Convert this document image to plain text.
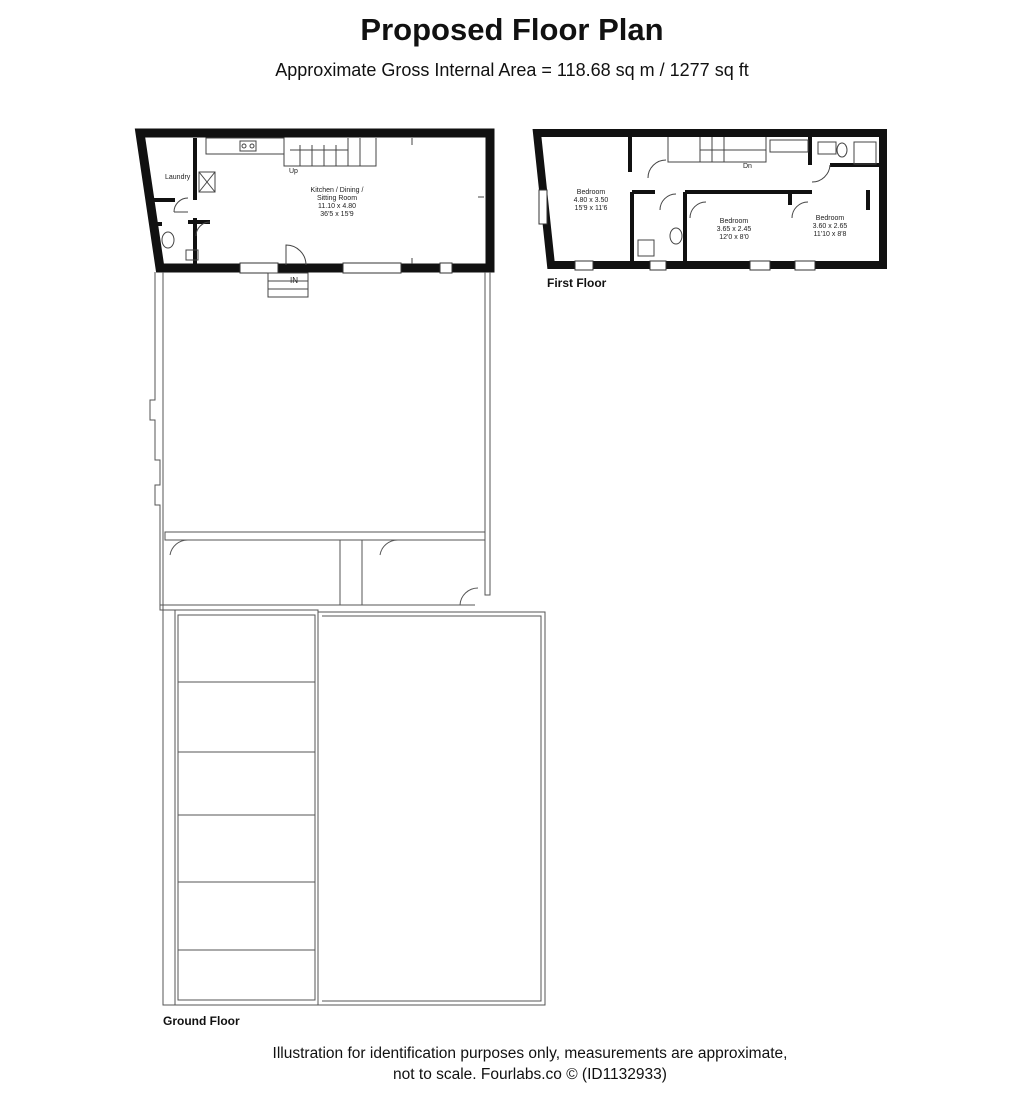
Proposed Floor Plan
Approximate Gross Internal Area = 118.68 sq m / 1277 sq ft
Laundry
Up
IN
Kitchen / Dining /
Sitting Room
11.10 x 4.80
36'5 x 15'9
Ground Floor
Dn
Bedroom
4.80 x 3.50
15'9 x 11'6
Bedroom
3.65 x 2.45
12'0 x 8'0
Bedroom
3.60 x 2.65
11'10 x 8'8
First Floor
Illustration for identification purposes only, measurements are approximate,
not to scale. Fourlabs.co © (ID1132933)
